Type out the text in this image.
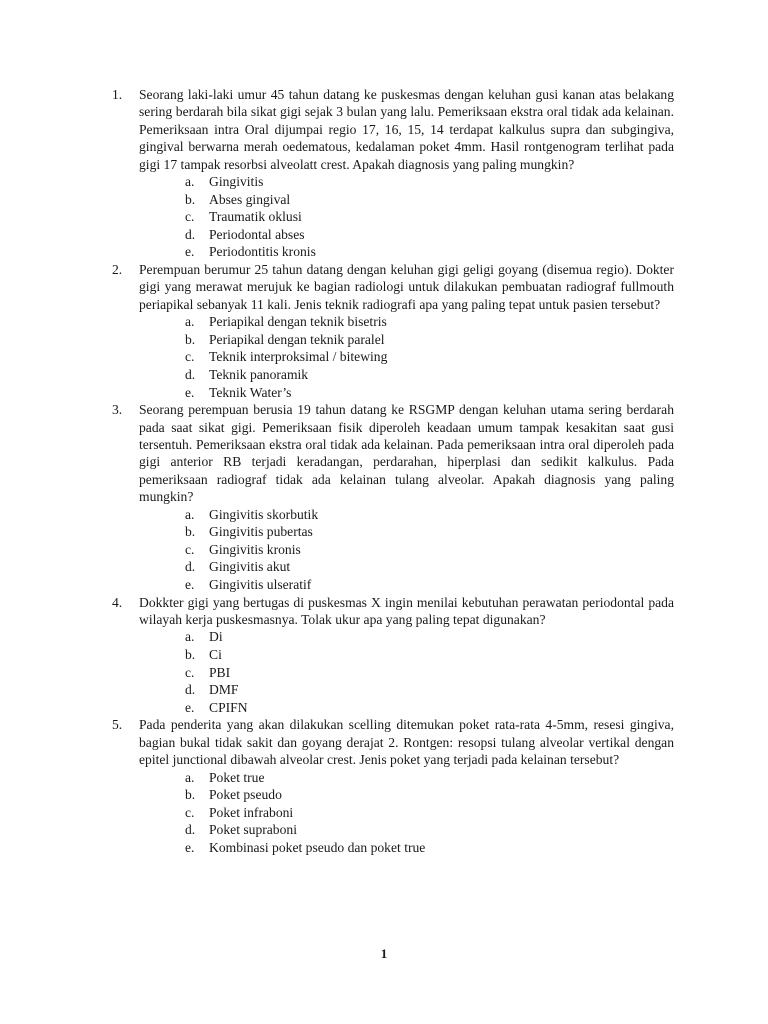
1. Seorang laki-laki umur 45 tahun datang ke puskesmas dengan keluhan gusi kanan atas belakang sering berdarah bila sikat gigi sejak 3 bulan yang lalu. Pemeriksaan ekstra oral tidak ada kelainan. Pemeriksaan intra Oral dijumpai regio 17, 16, 15, 14 terdapat kalkulus supra dan subgingiva, gingival berwarna merah oedematous, kedalaman poket 4mm. Hasil rontgenogram terlihat pada gigi 17 tampak resorbsi alveolatt crest. Apakah diagnosis yang paling mungkin?

a. Gingivitis
b. Abses gingival
c. Traumatik oklusi
d. Periodontal abses
e. Periodontitis kronis
2. Perempuan berumur 25 tahun datang dengan keluhan gigi geligi goyang (disemua regio). Dokter gigi yang merawat merujuk ke bagian radiologi untuk dilakukan pembuatan radiograf fullmouth periapikal sebanyak 11 kali. Jenis teknik radiografi apa yang paling tepat untuk pasien tersebut?

a. Periapikal dengan teknik bisetris
b. Periapikal dengan teknik paralel
c. Teknik interproksimal / bitewing
d. Teknik panoramik
e. Teknik Water’s
3. Seorang perempuan berusia 19 tahun datang ke RSGMP dengan keluhan utama sering berdarah pada saat sikat gigi. Pemeriksaan fisik diperoleh keadaan umum tampak kesakitan saat gusi tersentuh. Pemeriksaan ekstra oral tidak ada kelainan. Pada pemeriksaan intra oral diperoleh pada gigi anterior RB terjadi keradangan, perdarahan, hiperplasi dan sedikit kalkulus. Pada pemeriksaan radiograf tidak ada kelainan tulang alveolar. Apakah diagnosis yang paling mungkin?

a. Gingivitis skorbutik
b. Gingivitis pubertas
c. Gingivitis kronis
d. Gingivitis akut
e. Gingivitis ulseratif
4. Dokkter gigi yang bertugas di puskesmas X ingin menilai kebutuhan perawatan periodontal pada wilayah kerja puskesmasnya. Tolak ukur apa yang paling tepat digunakan?

a. Di
b. Ci
c. PBI
d. DMF
e. CPIFN
5. Pada penderita yang akan dilakukan scelling ditemukan poket rata-rata 4-5mm, resesi gingiva, bagian bukal tidak sakit dan goyang derajat 2. Rontgen: resopsi tulang alveolar vertikal dengan epitel junctional dibawah alveolar crest. Jenis poket yang terjadi pada kelainan tersebut?

a. Poket true
b. Poket pseudo
c. Poket infraboni
d. Poket supraboni
e. Kombinasi poket pseudo dan poket true
1
